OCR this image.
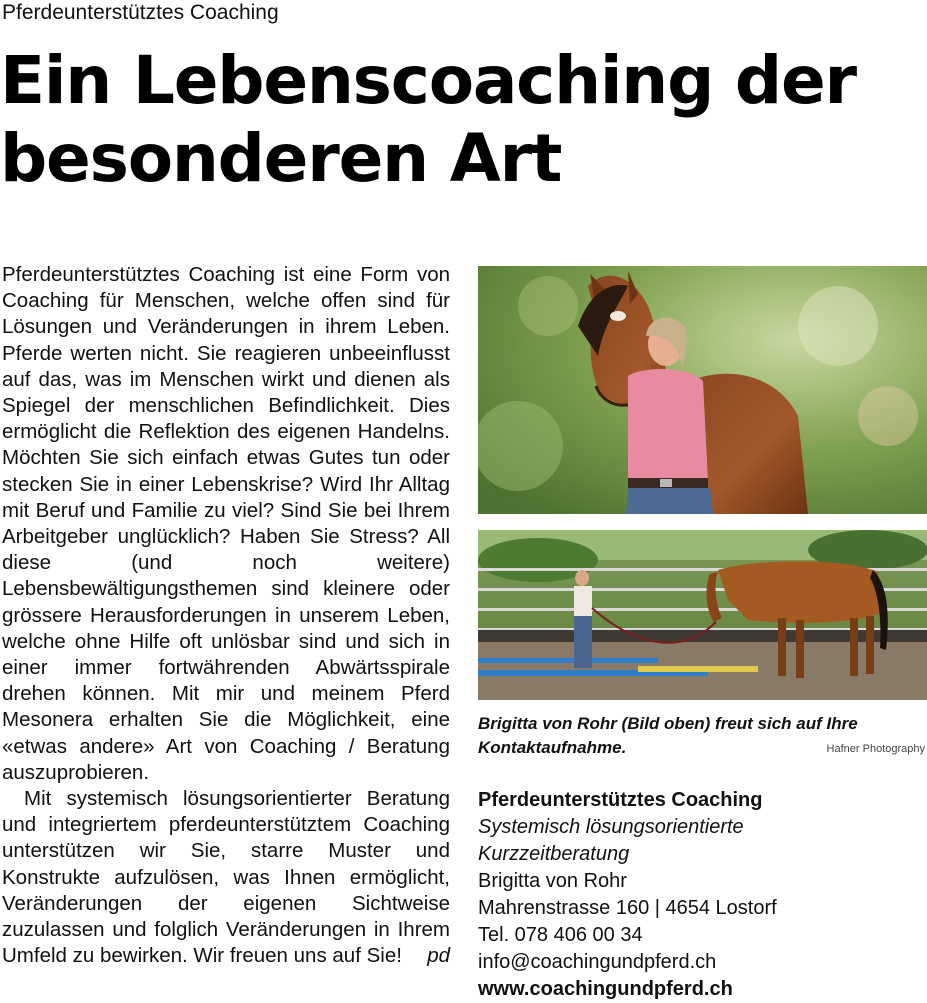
Pferdeunterstütztes Coaching
Ein Lebenscoaching der
besonderen Art

Pferdeunterstütztes Coaching ist eine Form von Coaching für Menschen, welche offen sind für Lösungen und Veränderungen in ihrem Leben. Pferde werten nicht. Sie reagieren unbeeinflusst auf das, was im Menschen wirkt und dienen als Spiegel der menschlichen Befindlichkeit. Dies ermöglicht die Reflektion des eigenen Handelns. Möchten Sie sich einfach etwas Gutes tun oder stecken Sie in einer Lebenskrise? Wird Ihr Alltag mit Beruf und Familie zu viel? Sind Sie bei Ihrem Arbeitgeber unglücklich? Haben Sie Stress? All diese (und noch weitere) Lebensbewältigungsthemen sind kleinere oder grössere Herausforderungen in unserem Leben, welche ohne Hilfe oft unlösbar sind und sich in einer immer fortwährenden Abwärtsspirale drehen können. Mit mir und meinem Pferd Mesonera erhalten Sie die Möglichkeit, eine «etwas andere» Art von Coaching / Beratung auszuprobieren.

Mit systemisch lösungsorientierter Beratung und integriertem pferdeunterstütztem Coaching unterstützen wir Sie, starre Muster und Konstrukte aufzulösen, was Ihnen ermöglicht, Veränderungen der eigenen Sichtweise zuzulassen und folglich Veränderungen in Ihrem Umfeld zu bewirken. Wir freuen uns auf Sie!	pd

Brigitta von Rohr (Bild oben) freut sich auf Ihre Kontaktaufnahme.	Hafner Photography
Pferdeunterstütztes Coaching
Systemisch lösungsorientierte
Kurzzeitberatung
Brigitta von Rohr
Mahrenstrasse 160 | 4654 Lostorf
Tel. 078 406 00 34
info@coachingundpferd.ch
www.coachingundpferd.ch
